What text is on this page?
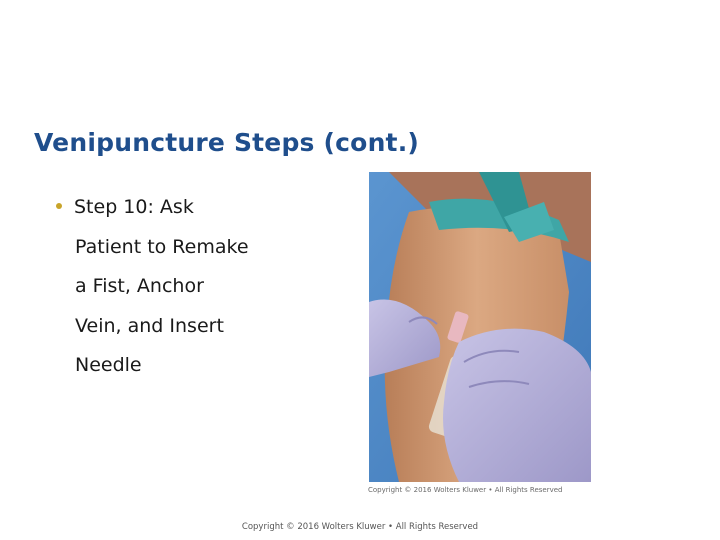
Venipuncture Steps (cont.)
Step 10: Ask
Patient to Remake
a Fist, Anchor
Vein, and Insert
Needle
Copyright © 2016 Wolters Kluwer • All Rights Reserved
Copyright © 2016 Wolters Kluwer • All Rights Reserved
